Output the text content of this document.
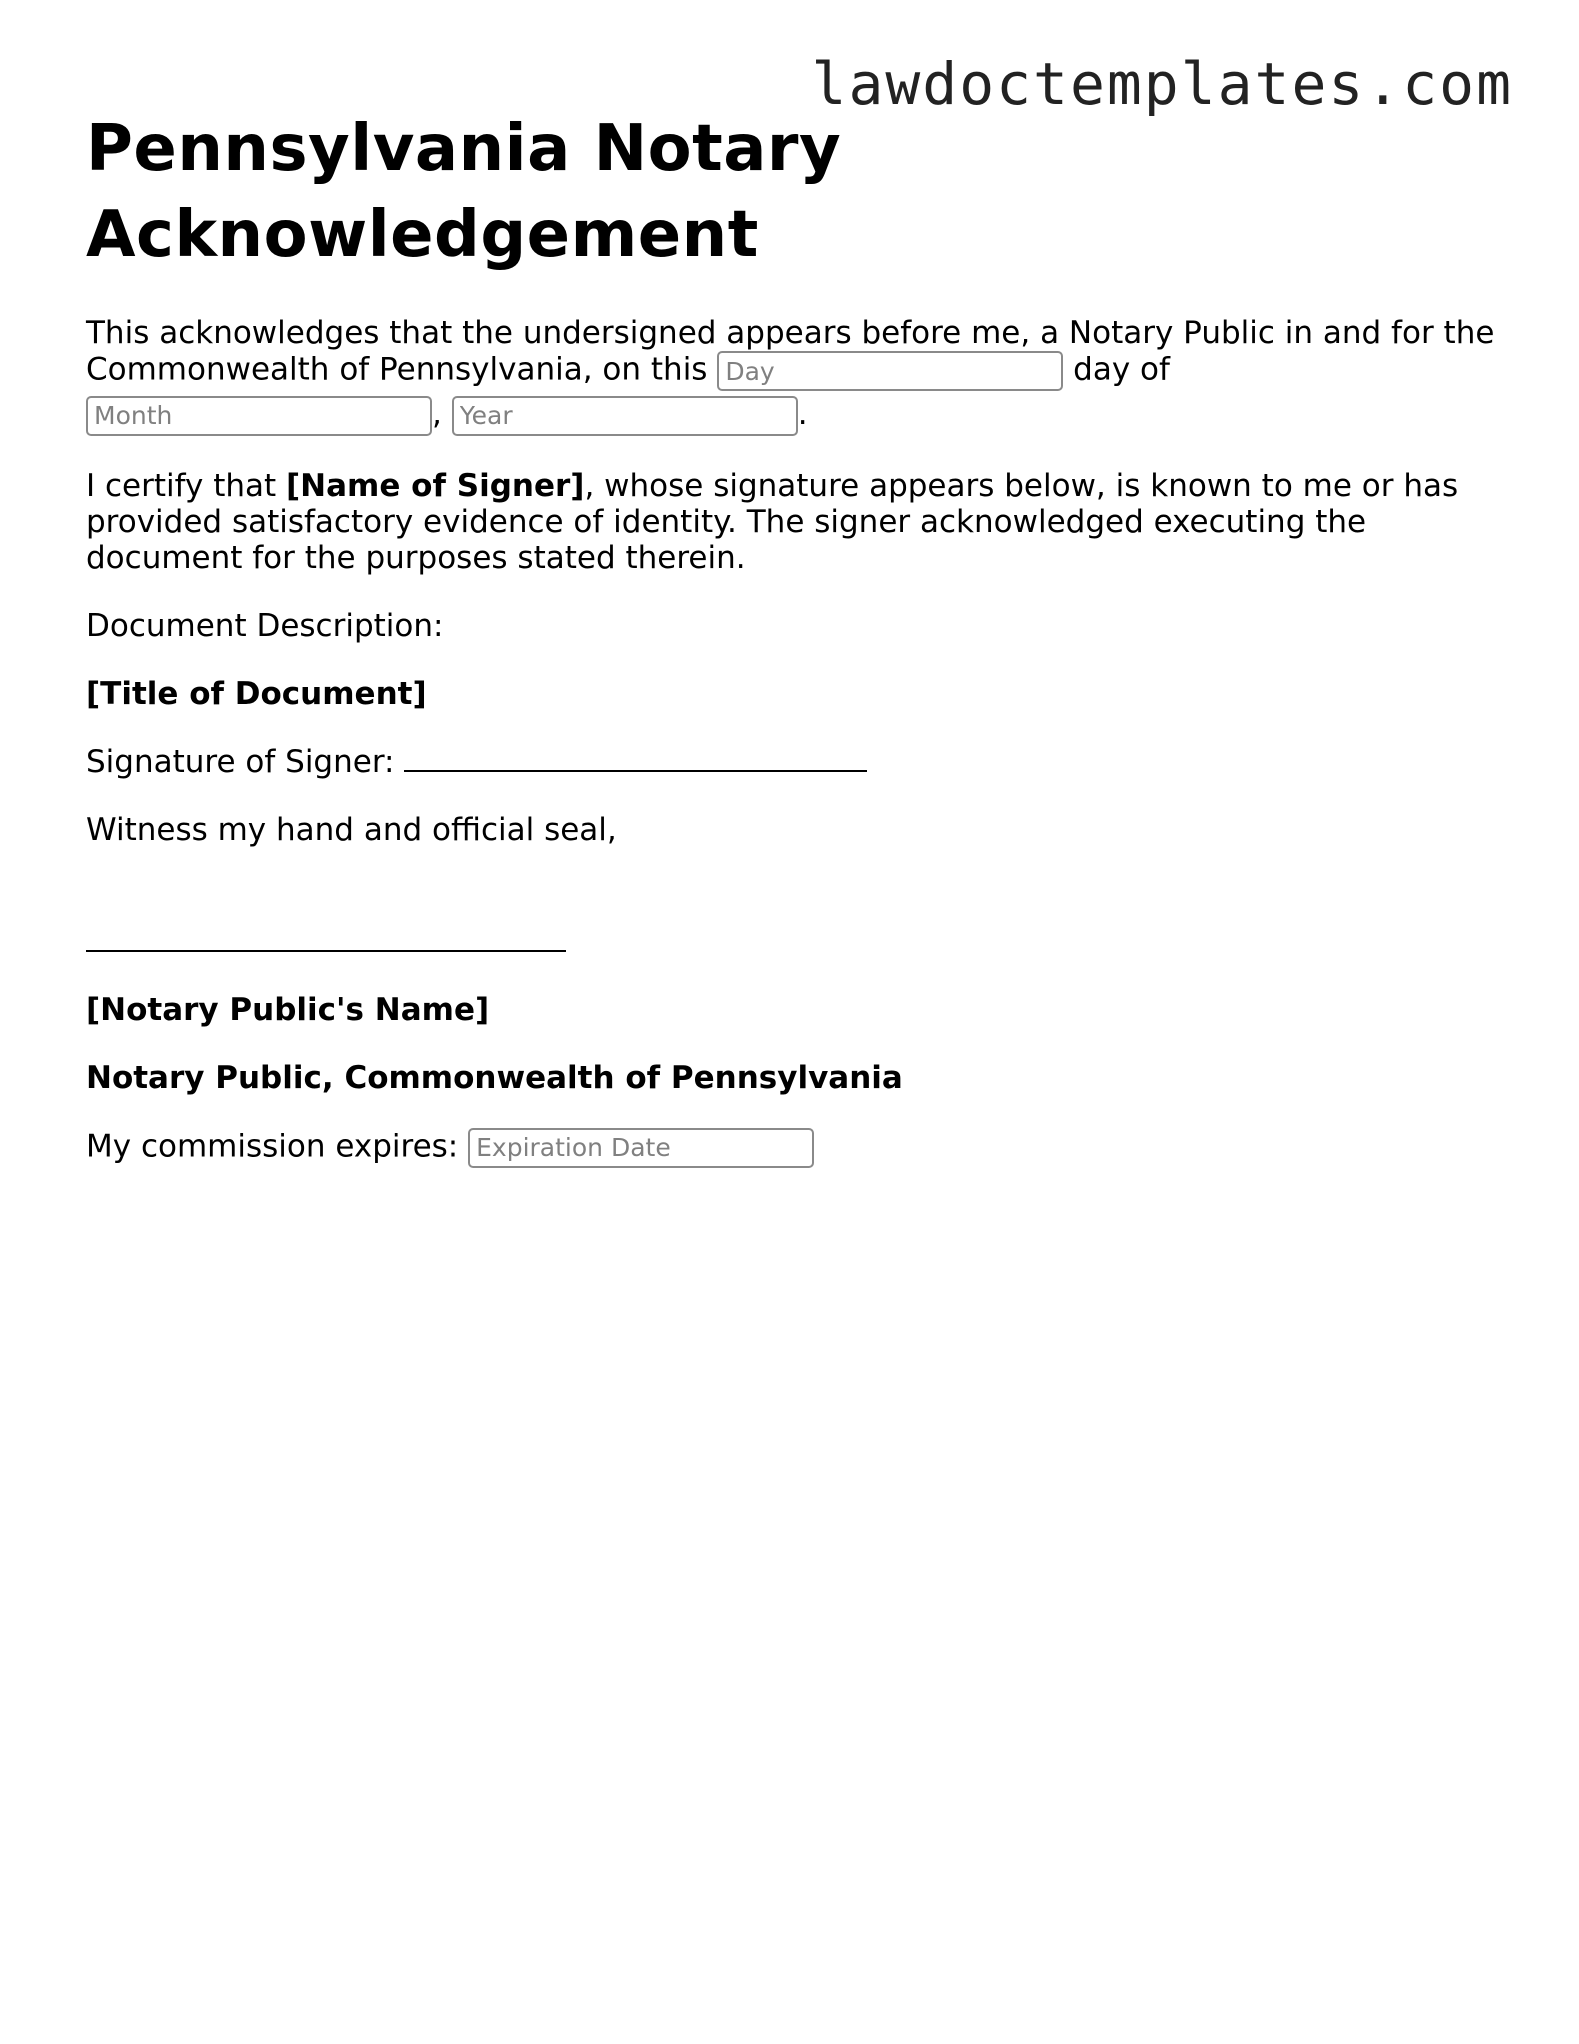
lawdoctemplates.com
Pennsylvania Notary Acknowledgement

This acknowledges that the undersigned appears before me, a Notary Public in and for the Commonwealth of Pennsylvania, on this Day	day of

Month, Year	.

I certify that [Name of Signer], whose signature appears below, is known to me or has provided satisfactory evidence of identity. The signer acknowledged executing the document for the purposes stated therein.

Document Description:

[Title of Document]

Signature of Signer:

Witness my hand and official seal,

[Notary Public's Name]

Notary Public, Commonwealth of Pennsylvania

My commission expires: Expiration Date
